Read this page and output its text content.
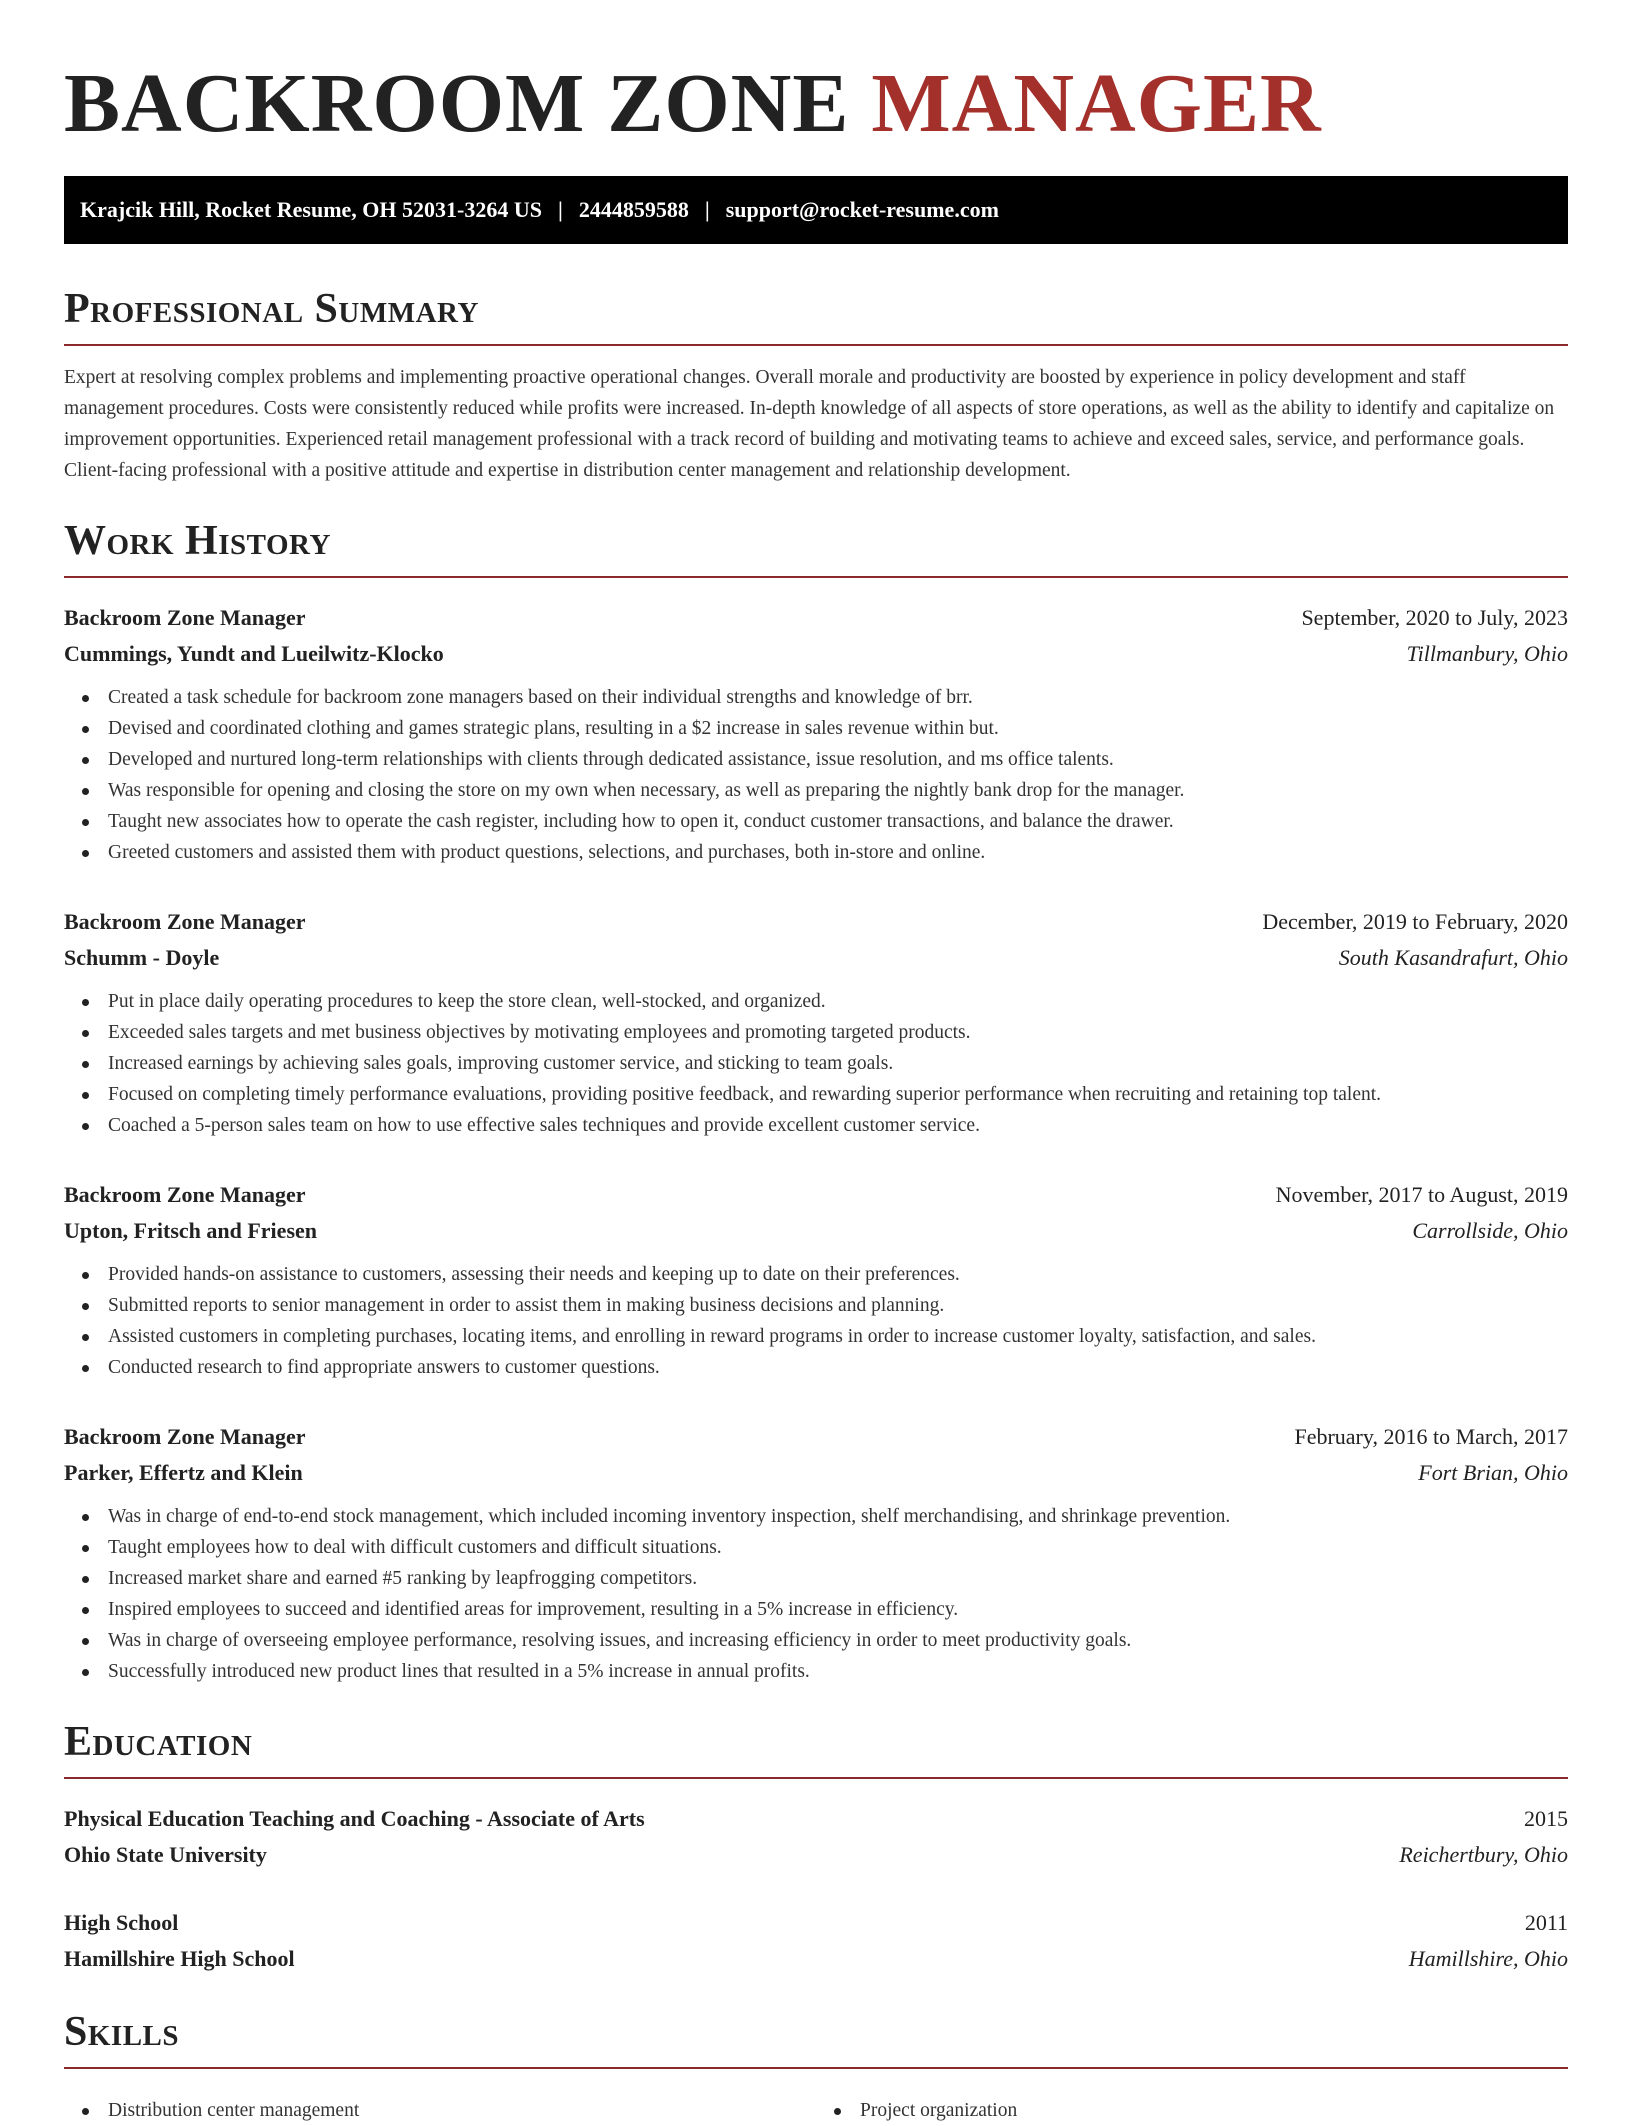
BACKROOM ZONE MANAGER
Krajcik Hill, Rocket Resume, OH 52031-3264 US | 2444859588 | support@rocket-resume.com
Professional Summary

Expert at resolving complex problems and implementing proactive operational changes. Overall morale and productivity are boosted by experience in policy development and staff management procedures. Costs were consistently reduced while profits were increased. In-depth knowledge of all aspects of store operations, as well as the ability to identify and capitalize on improvement opportunities. Experienced retail management professional with a track record of building and motivating teams to achieve and exceed sales, service, and performance goals. Client-facing professional with a positive attitude and expertise in distribution center management and relationship development.

Work History
Backroom Zone Manager	September, 2020 to July, 2023
Cummings, Yundt and Lueilwitz-Klocko	Tillmanbury, Ohio
Created a task schedule for backroom zone managers based on their individual strengths and knowledge of brr.
Devised and coordinated clothing and games strategic plans, resulting in a $2 increase in sales revenue within but.
Developed and nurtured long-term relationships with clients through dedicated assistance, issue resolution, and ms office talents.
Was responsible for opening and closing the store on my own when necessary, as well as preparing the nightly bank drop for the manager.
Taught new associates how to operate the cash register, including how to open it, conduct customer transactions, and balance the drawer.
Greeted customers and assisted them with product questions, selections, and purchases, both in-store and online.
Backroom Zone Manager	December, 2019 to February, 2020
Schumm - Doyle	South Kasandrafurt, Ohio
Put in place daily operating procedures to keep the store clean, well-stocked, and organized.
Exceeded sales targets and met business objectives by motivating employees and promoting targeted products.
Increased earnings by achieving sales goals, improving customer service, and sticking to team goals.
Focused on completing timely performance evaluations, providing positive feedback, and rewarding superior performance when recruiting and retaining top talent.
Coached a 5-person sales team on how to use effective sales techniques and provide excellent customer service.
Backroom Zone Manager	November, 2017 to August, 2019
Upton, Fritsch and Friesen	Carrollside, Ohio
Provided hands-on assistance to customers, assessing their needs and keeping up to date on their preferences.
Submitted reports to senior management in order to assist them in making business decisions and planning.
Assisted customers in completing purchases, locating items, and enrolling in reward programs in order to increase customer loyalty, satisfaction, and sales.
Conducted research to find appropriate answers to customer questions.
Backroom Zone Manager	February, 2016 to March, 2017
Parker, Effertz and Klein	Fort Brian, Ohio
Was in charge of end-to-end stock management, which included incoming inventory inspection, shelf merchandising, and shrinkage prevention.
Taught employees how to deal with difficult customers and difficult situations.
Increased market share and earned #5 ranking by leapfrogging competitors.
Inspired employees to succeed and identified areas for improvement, resulting in a 5% increase in efficiency.
Was in charge of overseeing employee performance, resolving issues, and increasing efficiency in order to meet productivity goals.
Successfully introduced new product lines that resulted in a 5% increase in annual profits.
Education
Physical Education Teaching and Coaching - Associate of Arts	2015
Ohio State University	Reichertbury, Ohio
High School	2011
Hamillshire High School	Hamillshire, Ohio
Skills
Distribution center management	Project organization
